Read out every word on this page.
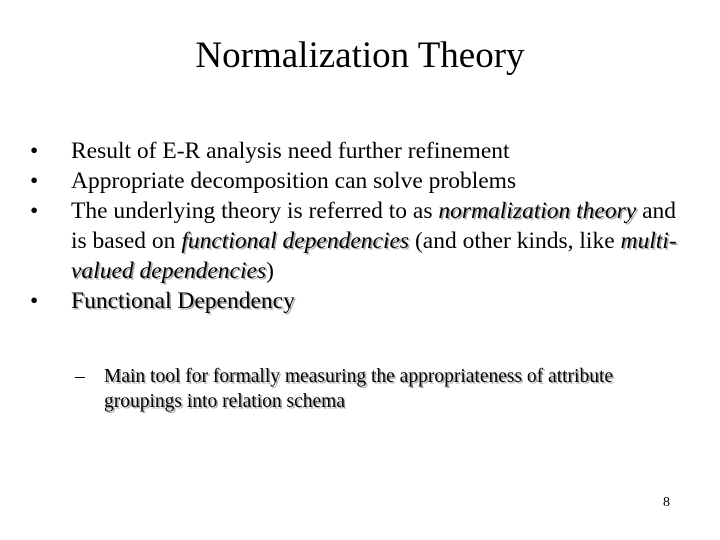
Normalization Theory
•	Result of E-R analysis need further refinement
•	Appropriate decomposition can solve problems
•	The underlying theory is referred to as normalization theory and is based on functional dependencies (and other kinds, like multi-valued dependencies)
•	Functional Dependency
– Main tool for formally measuring the appropriateness of attribute groupings into relation schema
8
